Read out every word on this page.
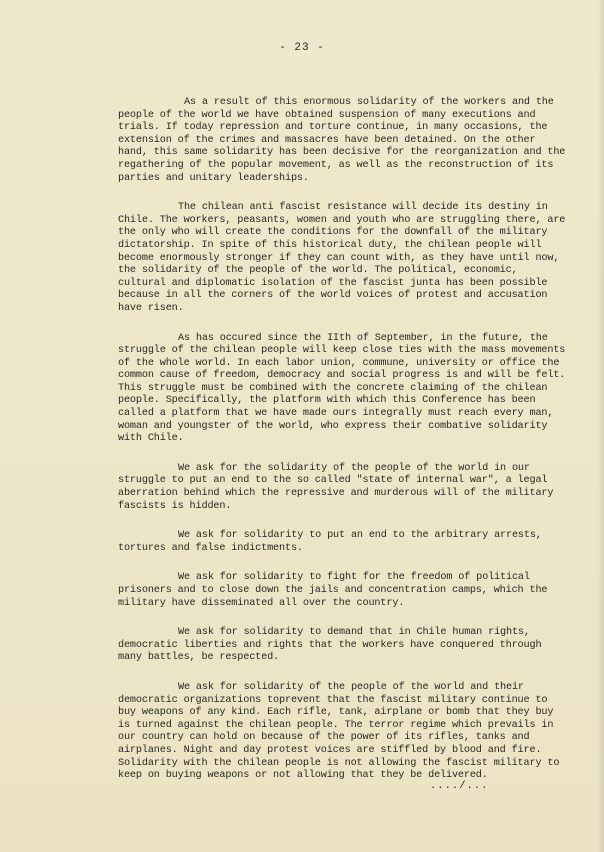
- 23 -

As a result of this enormous solidarity of the workers and the people of the world we have obtained suspension of many executions and trials. If today repression and torture continue, in many occasions, the extension of the crimes and massacres have been detained. On the other hand, this same solidarity has been decisive for the reorganization and the regathering of the popular movement, as well as the reconstruction of its parties and unitary leaderships.

The chilean anti fascist resistance will decide its destiny in Chile. The workers, peasants, women and youth who are struggling there, are the only who will create the conditions for the downfall of the military dictatorship. In spite of this historical duty, the chilean people will become enormously stronger if they can count with, as they have until now, the solidarity of the people of the world. The political, economic, cultural and diplomatic isolation of the fascist junta has been possible because in all the corners of the world voices of protest and accusation have risen.

As has occured since the IIth of September, in the future, the struggle of the chilean people will keep close ties with the mass movements of the whole world. In each labor union, commune, university or office the common cause of freedom, democracy and social progress is and will be felt. This struggle must be combined with the concrete claiming of the chilean people. Specifically, the platform with which this Conference has been called a platform that we have made ours integrally must reach every man, woman and youngster of the world, who express their combative solidarity with Chile.

We ask for the solidarity of the people of the world in our struggle to put an end to the so called "state of internal war", a legal aberration behind which the repressive and murderous will of the military fascists is hidden.

We ask for solidarity to put an end to the arbitrary arrests, tortures and false indictments.

We ask for solidarity to fight for the freedom of political prisoners and to close down the jails and concentration camps, which the military have disseminated all over the country.

We ask for solidarity to demand that in Chile human rights, democratic liberties and rights that the workers have conquered through many battles, be respected.

We ask for solidarity of the people of the world and their democratic organizations toprevent that the fascist military continue to buy weapons of any kind. Each rifle, tank, airplane or bomb that they buy is turned against the chilean people. The terror regime which prevails in our country can hold on because of the power of its rifles, tanks and airplanes. Night and day protest voices are stiffled by blood and fire. Solidarity with the chilean people is not allowing the fascist military to keep on buying weapons or not allowing that they be delivered.

..../...
